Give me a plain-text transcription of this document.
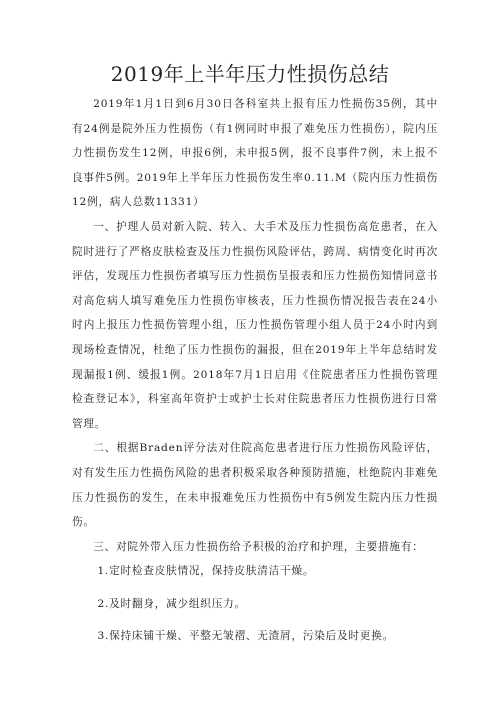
2019年上半年压力性损伤总结

2019年1月1日到6月30日各科室共上报有压力性损伤35例，其中有24例是院外压力性损伤（有1例同时申报了难免压力性损伤），院内压力性损伤发生12例，申报6例，未申报5例，报不良事件7例，未上报不良事件5例。2019年上半年压力性损伤发生率0.11.M（院内压力性损伤12例，病人总数11331）

一、护理人员对新入院、转入、大手术及压力性损伤高危患者，在入院时进行了严格皮肤检查及压力性损伤风险评估，跨周、病情变化时再次评估，发现压力性损伤者填写压力性损伤呈报表和压力性损伤知情同意书对高危病人填写难免压力性损伤审核表，压力性损伤情况报告表在24小时内上报压力性损伤管理小组，压力性损伤管理小组人员于24小时内到现场检查情况，杜绝了压力性损伤的漏报，但在2019年上半年总结时发现漏报1例、缓报1例。2018年7月1日启用《住院患者压力性损伤管理检查登记本》，科室高年资护士或护士长对住院患者压力性损伤进行日常管理。

二、根据Braden评分法对住院高危患者进行压力性损伤风险评估，对有发生压力性损伤风险的患者积极采取各种预防措施，杜绝院内非难免压力性损伤的发生，在未申报难免压力性损伤中有5例发生院内压力性损伤。

三、对院外带入压力性损伤给予积极的治疗和护理，主要措施有：

1.定时检查皮肤情况，保持皮肤清洁干燥。

2.及时翻身，减少组织压力。

3.保持床铺干燥、平整无皱褶、无渣屑，污染后及时更换。
